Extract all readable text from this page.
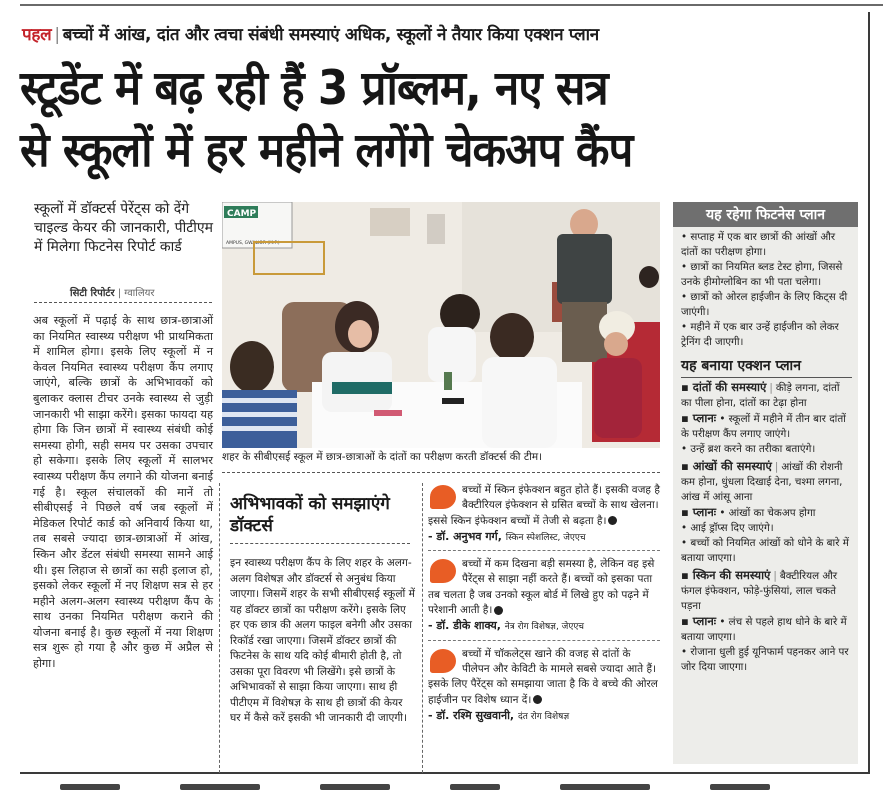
पहल | बच्चों में आंख, दांत और त्वचा संबंधी समस्याएं अधिक, स्कूलों ने तैयार किया एक्शन प्लान
स्टूडेंट में बढ़ रही हैं 3 प्रॉब्लम, नए सत्र
से स्कूलों में हर महीने लगेंगे चेकअप कैंप
स्कूलों में डॉक्टर्स पेरेंट्स को देंगे चाइल्ड केयर की जानकारी, पीटीएम में मिलेगा फिटनेस रिपोर्ट कार्ड
सिटी रिपोर्टर | ग्वालियर
अब स्कूलों में पढ़ाई के साथ छात्र-छात्राओं का नियमित स्वास्थ्य परीक्षण भी प्राथमिकता में शामिल होगा। इसके लिए स्कूलों में न केवल नियमित स्वास्थ्य परीक्षण कैंप लगाए जाएंगे, बल्कि छात्रों के अभिभावकों को बुलाकर क्लास टीचर उनके स्वास्थ्य से जुड़ी जानकारी भी साझा करेंगे। इसका फायदा यह होगा कि जिन छात्रों में स्वास्थ्य संबंधी कोई समस्या होगी, सही समय पर उसका उपचार हो सकेगा। इसके लिए स्कूलों में सालभर स्वास्थ्य परीक्षण कैंप लगाने की योजना बनाई गई है। स्कूल संचालकों की मानें तो सीबीएसई ने पिछले वर्ष जब स्कूलों में मेडिकल रिपोर्ट कार्ड को अनिवार्य किया था, तब सबसे ज्यादा छात्र-छात्राओं में आंख, स्किन और डेंटल संबंधी समस्या सामने आई थी। इस लिहाज से छात्रों का सही इलाज हो, इसको लेकर स्कूलों में नए शिक्षण सत्र से हर महीने अलग-अलग स्वास्थ्य परीक्षण कैंप के साथ उनका नियमित परीक्षण कराने की योजना बनाई है। कुछ स्कूलों में नया शिक्षण सत्र शुरू हो गया है और कुछ में अप्रैल से होगा।
CAMP
AMPUS, GWALIOR (M.P.)
शहर के सीबीएसई स्कूल में छात्र-छात्राओं के दांतों का परीक्षण करती डॉक्टर्स की टीम।
अभिभावकों को समझाएंगे डॉक्टर्स
इन स्वास्थ्य परीक्षण कैंप के लिए शहर के अलग-अलग विशेषज्ञ और डॉक्टर्स से अनुबंध किया जाएगा। जिसमें शहर के सभी सीबीएसई स्कूलों में यह डॉक्टर छात्रों का परीक्षण करेंगे। इसके लिए हर एक छात्र की अलग फाइल बनेगी और उसका रिकॉर्ड रखा जाएगा। जिसमें डॉक्टर छात्रों की फिटनेस के साथ यदि कोई बीमारी होती है, तो उसका पूरा विवरण भी लिखेंगे। इसे छात्रों के अभिभावकों से साझा किया जाएगा। साथ ही पीटीएम में विशेषज्ञ के साथ ही छात्रों की केयर घर में कैसे करें इसकी भी जानकारी दी जाएगी।
बच्चों में स्किन इंफेक्शन बहुत होते हैं। इसकी वजह है बैक्टीरियल इंफेक्शन से ग्रसित बच्चों के साथ खेलना। इससे स्किन इंफेक्शन बच्चों में तेजी से बढ़ता है।
- डॉ. अनुभव गर्ग, स्किन स्पेशलिस्ट, जेएएच
बच्चों में कम दिखना बड़ी समस्या है, लेकिन वह इसे पैरेंट्स से साझा नहीं करते हैं। बच्चों को इसका पता तब चलता है जब उनको स्कूल बोर्ड में लिखे हुए को पढ़ने में परेशानी आती है।
- डॉ. डीके शाक्य, नेत्र रोग विशेषज्ञ, जेएएच
बच्चों में चॉकलेट्स खाने की वजह से दांतों के पीलेपन और केविटी के मामले सबसे ज्यादा आते हैं। इसके लिए पैरेंट्स को समझाया जाता है कि वे बच्चे की ओरल हाईजीन पर विशेष ध्यान दें।
- डॉ. रश्मि सुखवानी, दंत रोग विशेषज्ञ
यह रहेगा फिटनेस प्लान
• सप्ताह में एक बार छात्रों की आंखों और दांतों का परीक्षण होगा।
• छात्रों का नियमित ब्लड टेस्ट होगा, जिससे उनके हीमोग्लोबिन का भी पता चलेगा।
• छात्रों को ओरल हाईजीन के लिए किट्स दी जाएंगी।
• महीने में एक बार उन्हें हाईजीन को लेकर ट्रेनिंग दी जाएगी।
यह बनाया एक्शन प्लान
▪ दांतों की समस्याएं | कीड़े लगना, दांतों का पीला होना, दांतों का टेढ़ा होना
▪ प्लानः • स्कूलों में महीने में तीन बार दांतों के परीक्षण कैंप लगाए जाएंगे।
• उन्हें ब्रश करने का तरीका बताएंगे।
▪ आंखों की समस्याएं | आंखों की रोशनी कम होना, धुंधला दिखाई देना, चश्मा लगना, आंख में आंसू आना
▪ प्लानः • आंखों का चेकअप होगा
• आई ड्रॉप्स दिए जाएंगे।
• बच्चों को नियमित आंखों को धोने के बारे में बताया जाएगा।
▪ स्किन की समस्याएं | बैक्टीरियल और फंगल इंफेक्शन, फोड़े-फुंसियां, लाल चकते पड़ना
▪ प्लानः • लंच से पहले हाथ धोने के बारे में बताया जाएगा।
• रोजाना धुली हुई यूनिफार्म पहनकर आने पर जोर दिया जाएगा।
